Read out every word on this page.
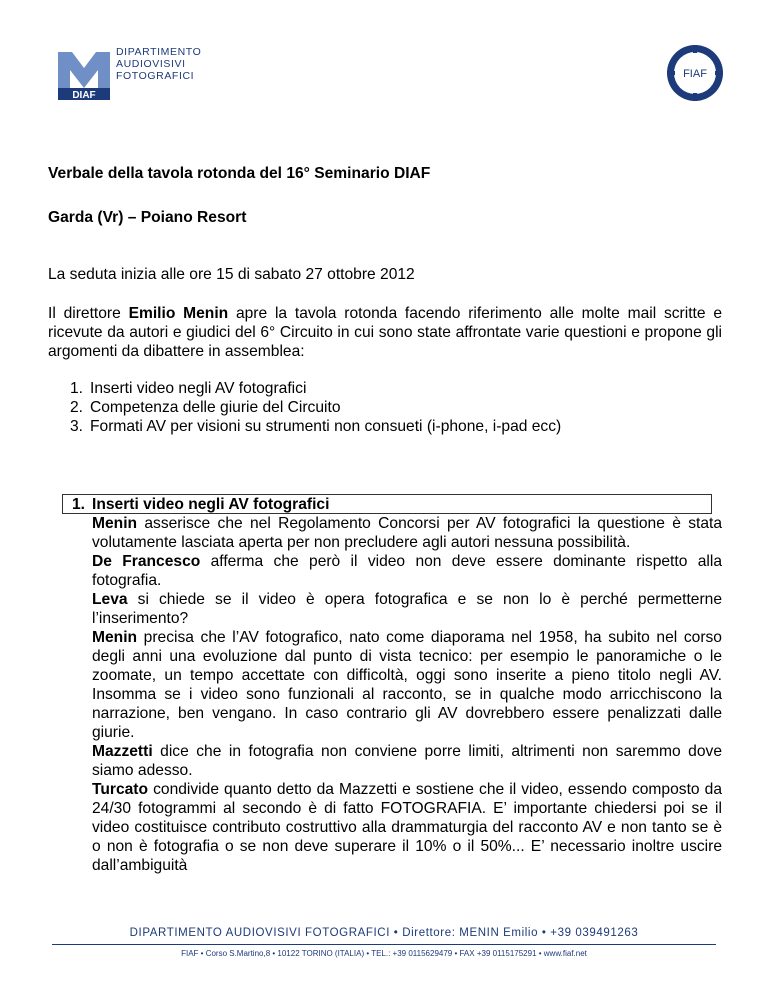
DIAF
DIPARTIMENTO
AUDIOVISIVI
FOTOGRAFICI	FIAF
Verbale della tavola rotonda del 16° Seminario DIAF
Garda (Vr) – Poiano Resort
La seduta inizia alle ore 15 di sabato 27 ottobre 2012
Il direttore Emilio Menin apre la tavola rotonda facendo riferimento alle molte mail scritte e ricevute da autori e giudici del 6° Circuito in cui sono state affrontate varie questioni e propone gli argomenti da dibattere in assemblea:
1. Inserti video negli AV fotografici
2. Competenza delle giurie del Circuito
3. Formati AV per visioni su strumenti non consueti (i-phone, i-pad ecc)
1. Inserti video negli AV fotografici

Menin asserisce che nel Regolamento Concorsi per AV fotografici la questione è stata volutamente lasciata aperta per non precludere agli autori nessuna possibilità.

De Francesco afferma che però il video non deve essere dominante rispetto alla fotografia.

Leva si chiede se il video è opera fotografica e se non lo è perché permetterne l’inserimento?

Menin precisa che l’AV fotografico, nato come diaporama nel 1958, ha subito nel corso degli anni una evoluzione dal punto di vista tecnico: per esempio le panoramiche o le zoomate, un tempo accettate con difficoltà, oggi sono inserite a pieno titolo negli AV. Insomma se i video sono funzionali al racconto, se in qualche modo arricchiscono la narrazione, ben vengano. In caso contrario gli AV dovrebbero essere penalizzati dalle giurie.

Mazzetti dice che in fotografia non conviene porre limiti, altrimenti non saremmo dove siamo adesso.

Turcato condivide quanto detto da Mazzetti e sostiene che il video, essendo composto da 24/30 fotogrammi al secondo è di fatto FOTOGRAFIA. E’ importante chiedersi poi se il video costituisce contributo costruttivo alla drammaturgia del racconto AV e non tanto se è o non è fotografia o se non deve superare il 10% o il 50%... E’ necessario inoltre uscire dall’ambiguità

DIPARTIMENTO AUDIOVISIVI FOTOGRAFICI • Direttore: MENIN Emilio • +39 039491263
FIAF • Corso S.Martino,8 • 10122 TORINO (ITALIA) • TEL.: +39 0115629479 • FAX +39 0115175291 • www.fiaf.net
